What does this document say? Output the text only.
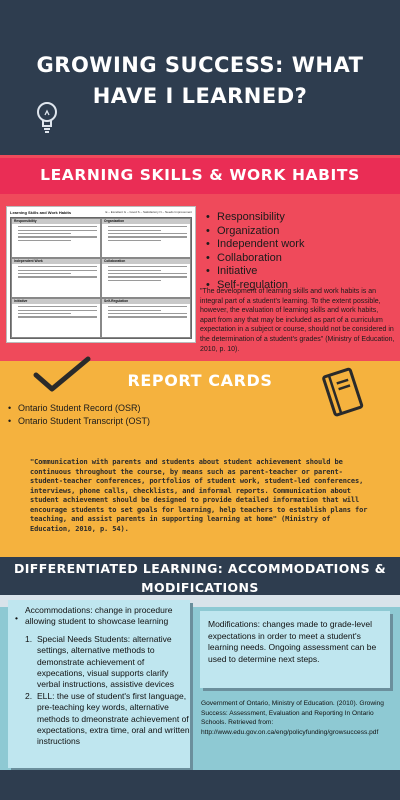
GROWING SUCCESS: WHAT HAVE I LEARNED?
LEARNING SKILLS & WORK HABITS
Learning Skills and Work Habits	E – Excellent G – Good S – Satisfactory N – Needs Improvement
Responsibility	Organization
Independent Work	Collaboration
Initiative	Self-Regulation
• Responsibility
• Organization
• Independent work
• Collaboration
• Initiative
• Self-regulation
"The development of learning skills and work habits is an integral part of a student's learning. To the extent possible, however, the evaluation of learning skills and work habits, apart from any that may be included as part of a curriculum expectation in a subject or course, should not be considered in the determination of a student's grades" (Ministry of Education, 2010, p. 10).
REPORT CARDS
• Ontario Student Record (OSR)
• Ontario Student Transcript (OST)
"Communication with parents and students about student achievement should be continuous throughout the course, by means such as parent-teacher or parent-student-teacher conferences, portfolios of student work, student-led conferences, interviews, phone calls, checklists, and informal reports. Communication about student achievement should be designed to provide detailed information that will encourage students to set goals for learning, help teachers to establish plans for teaching, and assist parents in supporting learning at home" (Ministry of Education, 2010, p. 54).
DIFFERENTIATED LEARNING: ACCOMMODATIONS & MODIFICATIONS
• Accommodations: change in procedure allowing student to showcase learning
1. Special Needs Students: alternative settings, alternative methods to demonstrate achievement of expecations, visual supports clarify verbal instructions, assistive devices
2. ELL: the use of student's first language, pre-teaching key words, alternative methods to dmeonstrate achievement of expectations, extra time, oral and written instructions
Modifications: changes made to grade-level expectations in order to meet a student's learning needs. Ongoing assessment can be used to determine next steps.
Government of Ontario, Ministry of Education. (2010). Growing Success: Assessment, Evaluation and Reporting In Ontario Schools. Retrieved from: http://www.edu.gov.on.ca/eng/policyfunding/growsuccess.pdf
